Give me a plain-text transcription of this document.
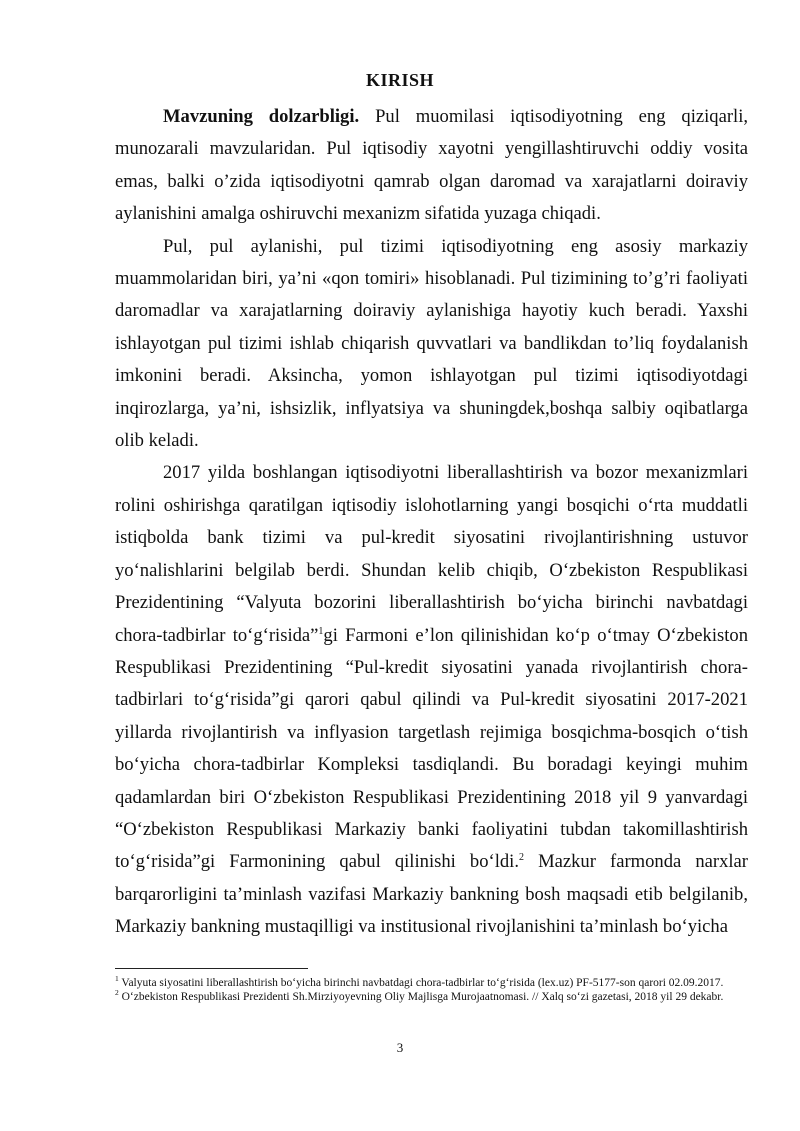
KIRISH

Mavzuning dolzarbligi. Pul muomilasi iqtisodiyotning eng qiziqarli, munozarali mavzularidan. Pul iqtisodiy xayotni yengillashtiruvchi oddiy vosita emas, balki o’zida iqtisodiyotni qamrab olgan daromad va xarajatlarni doiraviy aylanishini amalga oshiruvchi mexanizm sifatida yuzaga chiqadi.

Pul, pul aylanishi, pul tizimi iqtisodiyotning eng asosiy markaziy muammolaridan biri, ya’ni «qon tomiri» hisoblanadi. Pul tizimining to’g’ri faoliyati daromadlar va xarajatlarning doiraviy aylanishiga hayotiy kuch beradi. Yaxshi ishlayotgan pul tizimi ishlab chiqarish quvvatlari va bandlikdan to’liq foydalanish imkonini beradi. Aksincha, yomon ishlayotgan pul tizimi iqtisodiyotdagi inqirozlarga, ya’ni, ishsizlik, inflyatsiya va shuningdek,boshqa salbiy oqibatlarga olib keladi.

2017 yilda boshlangan iqtisodiyotni liberallashtirish va bozor mexanizmlari rolini oshirishga qaratilgan iqtisodiy islohotlarning yangi bosqichi o‘rta muddatli istiqbolda bank tizimi va pul-kredit siyosatini rivojlantirishning ustuvor yo‘nalishlarini belgilab berdi. Shundan kelib chiqib, O‘zbekiston Respublikasi Prezidentining “Valyuta bozorini liberallashtirish bo‘yicha birinchi navbatdagi chora-tadbirlar to‘g‘risida”$^1$gi Farmoni e’lon qilinishidan ko‘p o‘tmay O‘zbekiston Respublikasi Prezidentining “Pul-kredit siyosatini yanada rivojlantirish chora-tadbirlari to‘g‘risida”gi qarori qabul qilindi va Pul-kredit siyosatini 2017-2021 yillarda rivojlantirish va inflyasion targetlash rejimiga bosqichma-bosqich o‘tish bo‘yicha chora-tadbirlar Kompleksi tasdiqlandi. Bu boradagi keyingi muhim qadamlardan biri O‘zbekiston Respublikasi Prezidentining 2018 yil 9 yanvardagi “O‘zbekiston Respublikasi Markaziy banki faoliyatini tubdan takomillashtirish to‘g‘risida”gi Farmonining qabul qilinishi bo‘ldi.$^2$ Mazkur farmonda narxlar barqarorligini ta’minlash vazifasi Markaziy bankning bosh maqsadi etib belgilanib, Markaziy bankning mustaqilligi va institusional rivojlanishini ta’minlash bo‘yicha

$^1$ Valyuta siyosatini liberallashtirish bo‘yicha birinchi navbatdagi chora-tadbirlar to‘g‘risida (lex.uz) PF-5177-son qarori 02.09.2017.
$^2$ O‘zbekiston Respublikasi Prezidenti Sh.Mirziyoyevning Oliy Majlisga Murojaatnomasi. // Xalq so‘zi gazetasi, 2018 yil 29 dekabr.
3
